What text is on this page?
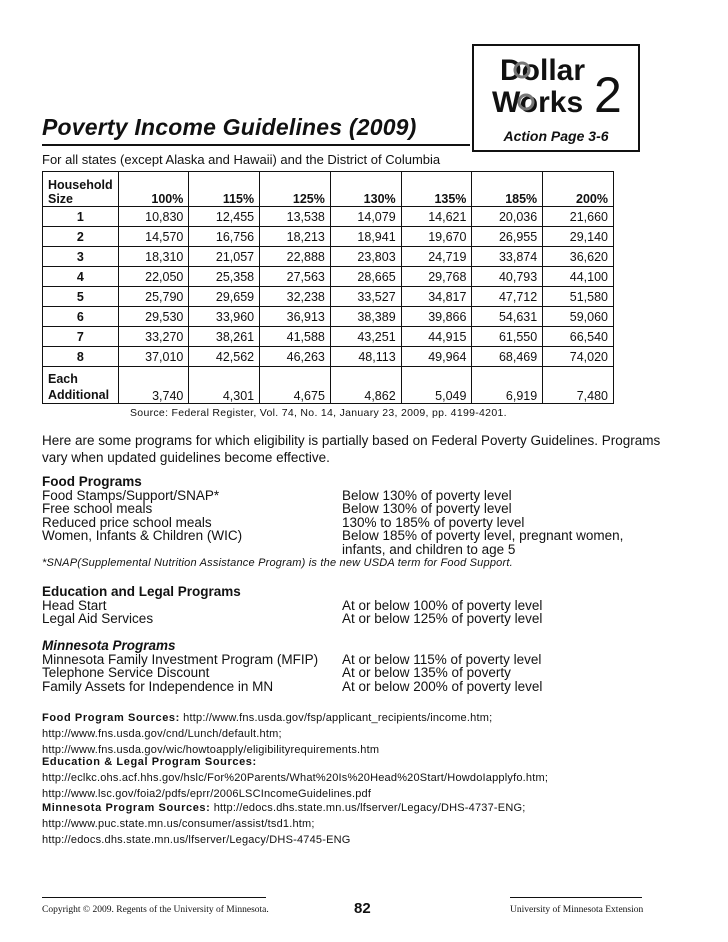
Dollar
Works 2
Action Page 3-6
Poverty Income Guidelines (2009)
For all states (except Alaska and Hawaii) and the District of Columbia
Household
Size	100%	115%	125%	130%	135%	185%	200%
1	10,830	12,455	13,538	14,079	14,621	20,036	21,660
2	14,570	16,756	18,213	18,941	19,670	26,955	29,140
3	18,310	21,057	22,888	23,803	24,719	33,874	36,620
4	22,050	25,358	27,563	28,665	29,768	40,793	44,100
5	25,790	29,659	32,238	33,527	34,817	47,712	51,580
6	29,530	33,960	36,913	38,389	39,866	54,631	59,060
7	33,270	38,261	41,588	43,251	44,915	61,550	66,540
8	37,010	42,562	46,263	48,113	49,964	68,469	74,020

Each
Additional	3,740	4,301	4,675	4,862	5,049	6,919	7,480
Source: Federal Register, Vol. 74, No. 14, January 23, 2009, pp. 4199-4201.
Here are some programs for which eligibility is partially based on Federal Poverty Guidelines. Programs vary when updated guidelines become effective.
Food Programs
Food Stamps/Support/SNAP*	Below 130% of poverty level
Free school meals	Below 130% of poverty level
Reduced price school meals	130% to 185% of poverty level
Women, Infants & Children (WIC)	Below 185% of poverty level, pregnant women,
infants, and children to age 5
*SNAP(Supplemental Nutrition Assistance Program) is the new USDA term for Food Support.
Education and Legal Programs
Head Start	At or below 100% of poverty level
Legal Aid Services	At or below 125% of poverty level
Minnesota Programs
Minnesota Family Investment Program (MFIP)	At or below 115% of poverty level
Telephone Service Discount	At or below 135% of poverty
Family Assets for Independence in MN	At or below 200% of poverty level
Food Program Sources: http://www.fns.usda.gov/fsp/applicant_recipients/income.htm;
http://www.fns.usda.gov/cnd/Lunch/default.htm;
http://www.fns.usda.gov/wic/howtoapply/eligibilityrequirements.htm
Education & Legal Program Sources:
http://eclkc.ohs.acf.hhs.gov/hslc/For%20Parents/What%20Is%20Head%20Start/HowdoIapplyfo.htm;
http://www.lsc.gov/foia2/pdfs/eprr/2006LSCIncomeGuidelines.pdf
Minnesota Program Sources: http://edocs.dhs.state.mn.us/lfserver/Legacy/DHS-4737-ENG;
http://www.puc.state.mn.us/consumer/assist/tsd1.htm;
http://edocs.dhs.state.mn.us/lfserver/Legacy/DHS-4745-ENG
Copyright © 2009. Regents of the University of Minnesota.	82	University of Minnesota Extension
